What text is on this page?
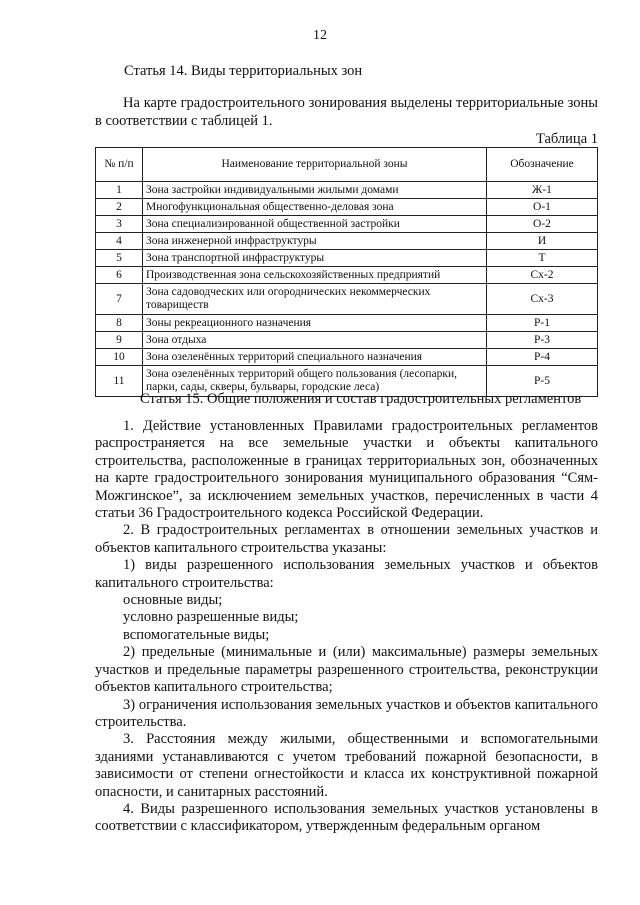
12
Статья 14. Виды территориальных зон

На карте градостроительного зонирования выделены территориальные зоны в соответствии с таблицей 1.

Таблица 1
№ п/п	Наименование территориальной зоны	Обозначение
1	Зона застройки индивидуальными жилыми домами	Ж-1
2	Многофункциональная общественно-деловая зона	О-1
3	Зона специализированной общественной застройки	О-2
4	Зона инженерной инфраструктуры	И
5	Зона транспортной инфраструктуры	Т
6	Производственная зона сельскохозяйственных предприятий	Сх-2
7	Зона садоводческих или огороднических некоммерческих товариществ	Сх-3
8	Зоны рекреационного назначения	Р-1
9	Зона отдыха	Р-3
10	Зона озеленённых территорий специального назначения	Р-4
11	Зона озеленённых территорий общего пользования (лесопарки, парки, сады, скверы, бульвары, городские леса)	Р-5
Статья 15. Общие положения и состав градостроительных регламентов

1. Действие установленных Правилами градостроительных регламентов распространяется на все земельные участки и объекты капитального строительства, расположенные в границах территориальных зон, обозначенных на карте градостроительного зонирования муниципального образования “Сям-Можгинское”, за исключением земельных участков, перечисленных в части 4 статьи 36 Градостроительного кодекса Российской Федерации.

2. В градостроительных регламентах в отношении земельных участков и объектов капитального строительства указаны:

1) виды разрешенного использования земельных участков и объектов капитального строительства:

основные виды;

условно разрешенные виды;

вспомогательные виды;

2) предельные (минимальные и (или) максимальные) размеры земельных участков и предельные параметры разрешенного строительства, реконструкции объектов капитального строительства;

3) ограничения использования земельных участков и объектов капитального строительства.

3. Расстояния между жилыми, общественными и вспомогательными зданиями устанавливаются с учетом требований пожарной безопасности, в зависимости от степени огнестойкости и класса их конструктивной пожарной опасности, и санитарных расстояний.

4. Виды разрешенного использования земельных участков установлены в соответствии с классификатором, утвержденным федеральным органом
